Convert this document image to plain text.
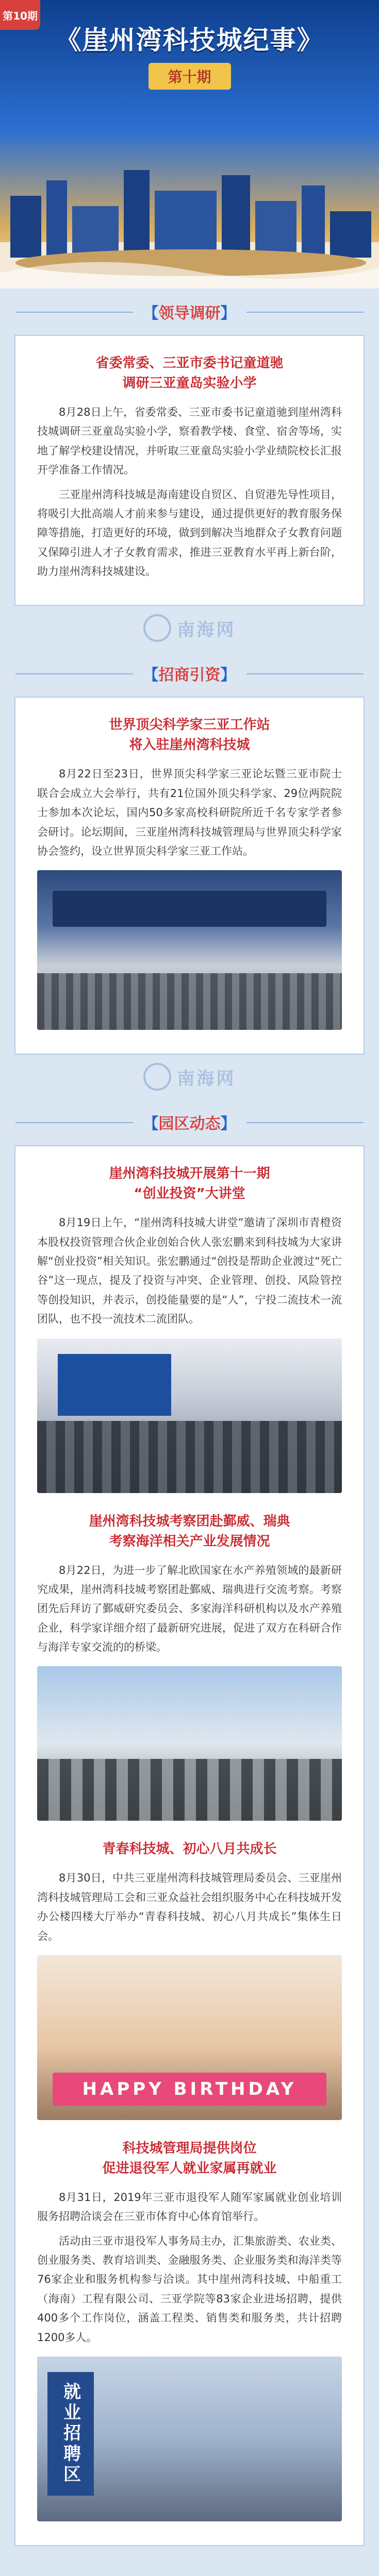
第10期
《崖州湾科技城纪事》
第十期
【 领导调研 】
省委常委、三亚市委书记童道驰
调研三亚童岛实验小学

8月28日上午，省委常委、三亚市委书记童道驰到崖州湾科技城调研三亚童岛实验小学，察看教学楼、食堂、宿舍等场，实地了解学校建设情况，并听取三亚童岛实验小学业绩院校长汇报开学准备工作情况。

三亚崖州湾科技城是海南建设自贸区、自贸港先导性项目，将吸引大批高端人才前来参与建设，通过提供更好的教育服务保障等措施，打造更好的环境，做到到解决当地群众子女教育问题又保障引进人才子女教育需求，推进三亚教育水平再上新台阶，助力崖州湾科技城建设。

南海网
【 招商引资 】
世界顶尖科学家三亚工作站
将入驻崖州湾科技城

8月22日至23日，世界顶尖科学家三亚论坛暨三亚市院士联合会成立大会举行，共有21位国外顶尖科学家、29位两院院士参加本次论坛，国内50多家高校科研院所近千名专家学者参会研讨。论坛期间，三亚崖州湾科技城管理局与世界顶尖科学家协会签约，设立世界顶尖科学家三亚工作站。

南海网
【 园区动态 】
崖州湾科技城开展第十一期
“创业投资”大讲堂

8月19日上午，“崖州湾科技城大讲堂”邀请了深圳市青橙资本股权投资管理合伙企业创始合伙人张宏鹏来到科技城为大家讲解“创业投资”相关知识。张宏鹏通过“创投是帮助企业渡过“死亡谷”这一现点，提及了投资与冲突、企业管理、创投、风险管控等创投知识，并表示，创投能量要的是“人”，宁投二流技术一流团队，也不投一流技术二流团队。

崖州湾科技城考察团赴鄞威、瑞典
考察海洋相关产业发展情况

8月22日，为进一步了解北欧国家在水产养殖领域的最新研究成果，崖州湾科技城考察团赴鄞威、瑞典进行交流考察。考察团先后拜访了鄞威研究委员会、多家海洋科研机构以及水产养殖企业，科学家详细介绍了最新研究进展，促进了双方在科研合作与海洋专家交流的的桥梁。

青春科技城、初心八月共成长

8月30日，中共三亚崖州湾科技城管理局委员会、三亚崖州湾科技城管理局工会和三亚众益社会组织服务中心在科技城开发办公楼四楼大厅举办“青春科技城、初心八月共成长”集体生日会。

HAPPY BIRTHDAY
科技城管理局提供岗位
促进退役军人就业家属再就业

8月31日，2019年三亚市退役军人随军家属就业创业培训服务招聘洽谈会在三亚市体育中心体育馆举行。

活动由三亚市退役军人事务局主办，汇集旅游类、农业类、创业服务类、教育培训类、金融服务类、企业服务类和海洋类等76家企业和服务机构参与洽谈。其中崖州湾科技城、中船重工（海南）工程有限公司、三亚学院等83家企业进场招聘，提供400多个工作岗位，涵盖工程类、销售类和服务类，共计招聘1200多人。

就业招聘区
